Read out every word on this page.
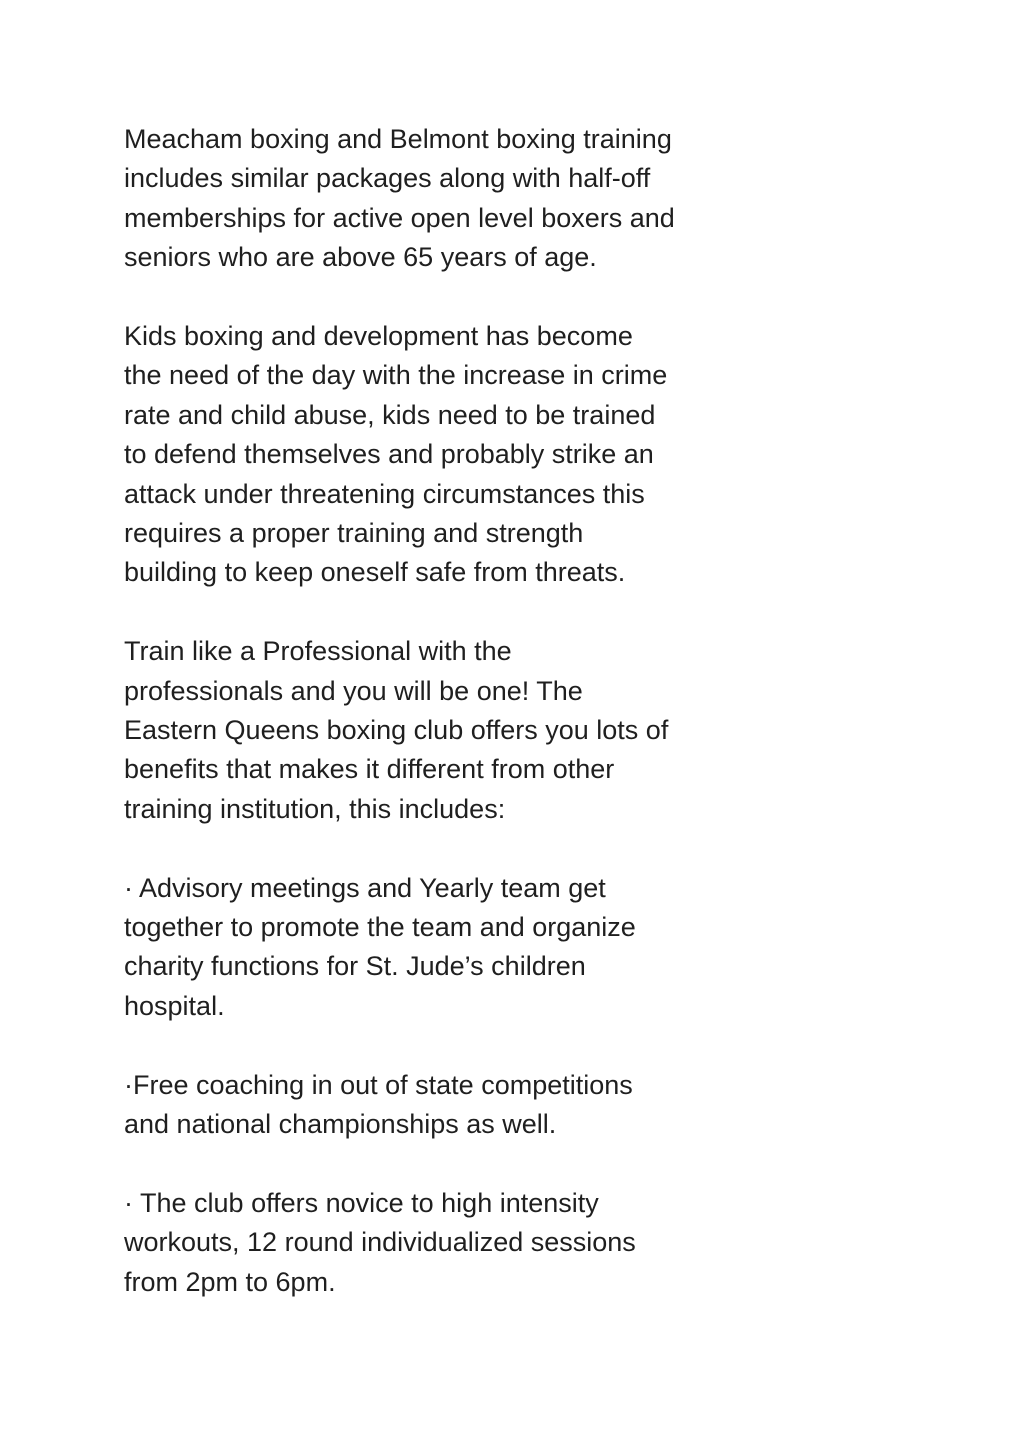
Meacham boxing and Belmont boxing training
includes similar packages along with half-off
memberships for active open level boxers and
seniors who are above 65 years of age.

Kids boxing and development has become
the need of the day with the increase in crime
rate and child abuse, kids need to be trained
to defend themselves and probably strike an
attack under threatening circumstances this
requires a proper training and strength
building to keep oneself safe from threats.

Train like a Professional with the
professionals and you will be one! The
Eastern Queens boxing club offers you lots of
benefits that makes it different from other
training institution, this includes:

· Advisory meetings and Yearly team get
together to promote the team and organize
charity functions for St. Jude’s children
hospital.

·Free coaching in out of state competitions
and national championships as well.

· The club offers novice to high intensity
workouts, 12 round individualized sessions
from 2pm to 6pm.
